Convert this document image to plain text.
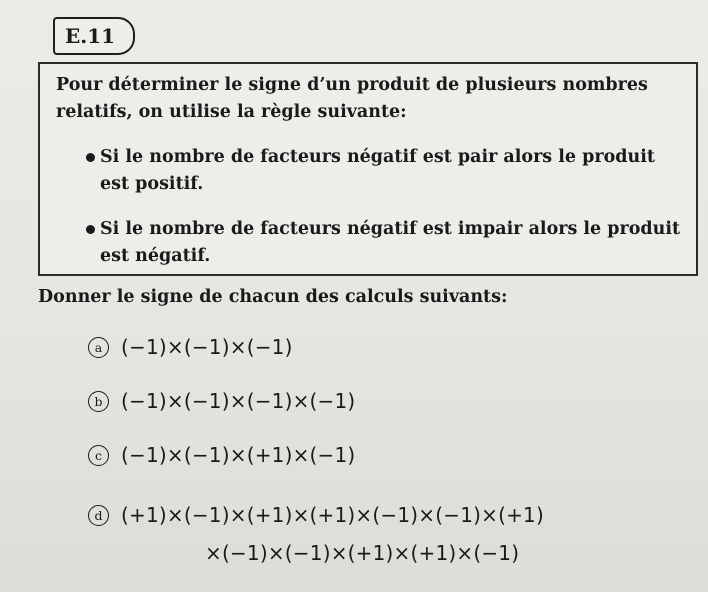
E.11

Pour déterminer le signe d’un produit de plusieurs nombres relatifs, on utilise la règle suivante:

Si le nombre de facteurs négatif est pair alors le produit est positif.
Si le nombre de facteurs négatif est impair alors le produit est négatif.

Donner le signe de chacun des calculs suivants:

a (−1)×(−1)×(−1)
b (−1)×(−1)×(−1)×(−1)
c (−1)×(−1)×(+1)×(−1)
d (+1)×(−1)×(+1)×(+1)×(−1)×(−1)×(+1)
×(−1)×(−1)×(+1)×(+1)×(−1)
